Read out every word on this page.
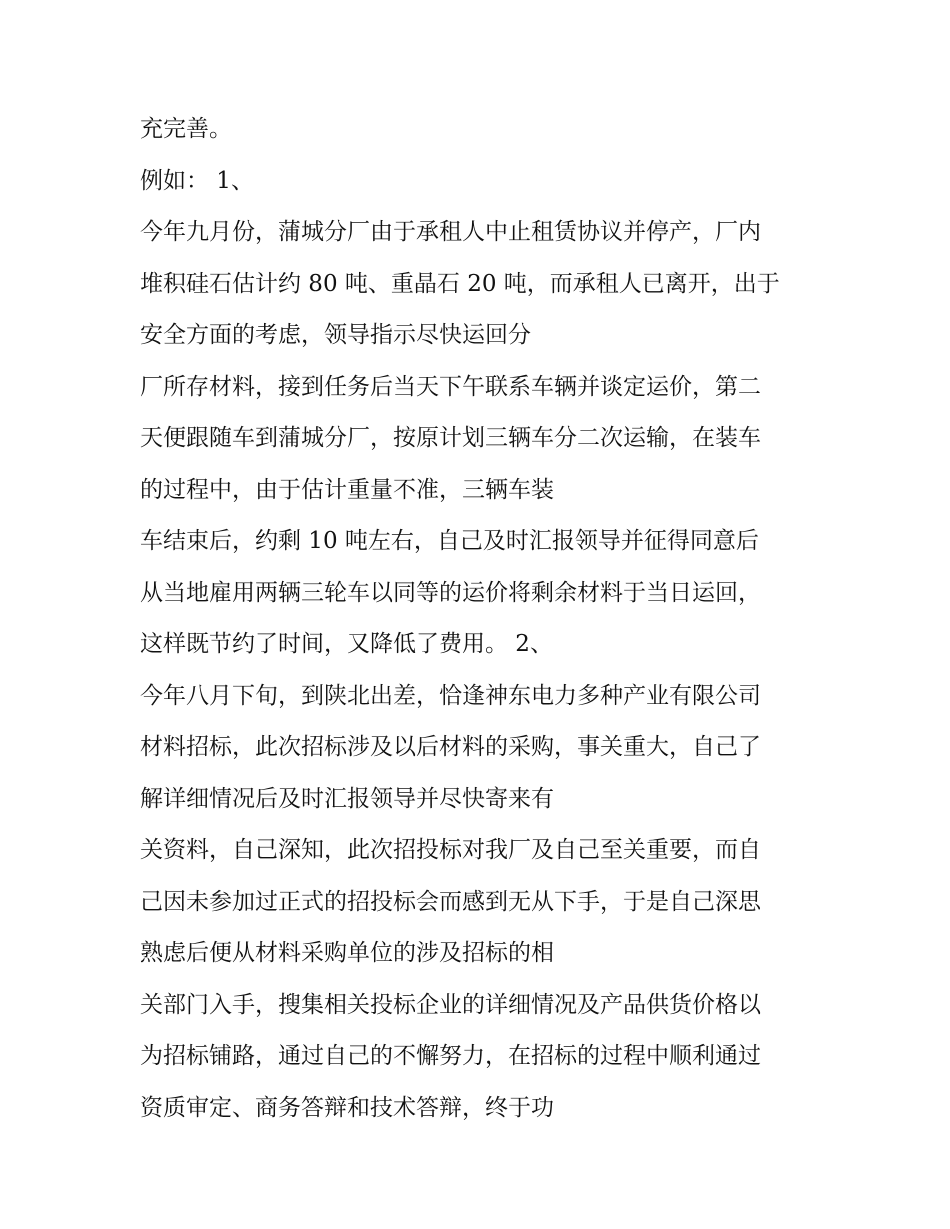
充完善。
例如： 1、
今年九月份，蒲城分厂由于承租人中止租赁协议并停产，厂内
堆积硅石估计约 80 吨、重晶石 20 吨，而承租人已离开，出于
安全方面的考虑，领导指示尽快运回分
厂所存材料，接到任务后当天下午联系车辆并谈定运价，第二
天便跟随车到蒲城分厂，按原计划三辆车分二次运输，在装车
的过程中，由于估计重量不准，三辆车装
车结束后，约剩 10 吨左右，自己及时汇报领导并征得同意后
从当地雇用两辆三轮车以同等的运价将剩余材料于当日运回，
这样既节约了时间，又降低了费用。 2、
今年八月下旬，到陕北出差，恰逢神东电力多种产业有限公司
材料招标，此次招标涉及以后材料的采购，事关重大，自己了
解详细情况后及时汇报领导并尽快寄来有
关资料，自己深知，此次招投标对我厂及自己至关重要，而自
己因未参加过正式的招投标会而感到无从下手，于是自己深思
熟虑后便从材料采购单位的涉及招标的相
关部门入手，搜集相关投标企业的详细情况及产品供货价格以
为招标铺路，通过自己的不懈努力，在招标的过程中顺利通过
资质审定、商务答辩和技术答辩，终于功
